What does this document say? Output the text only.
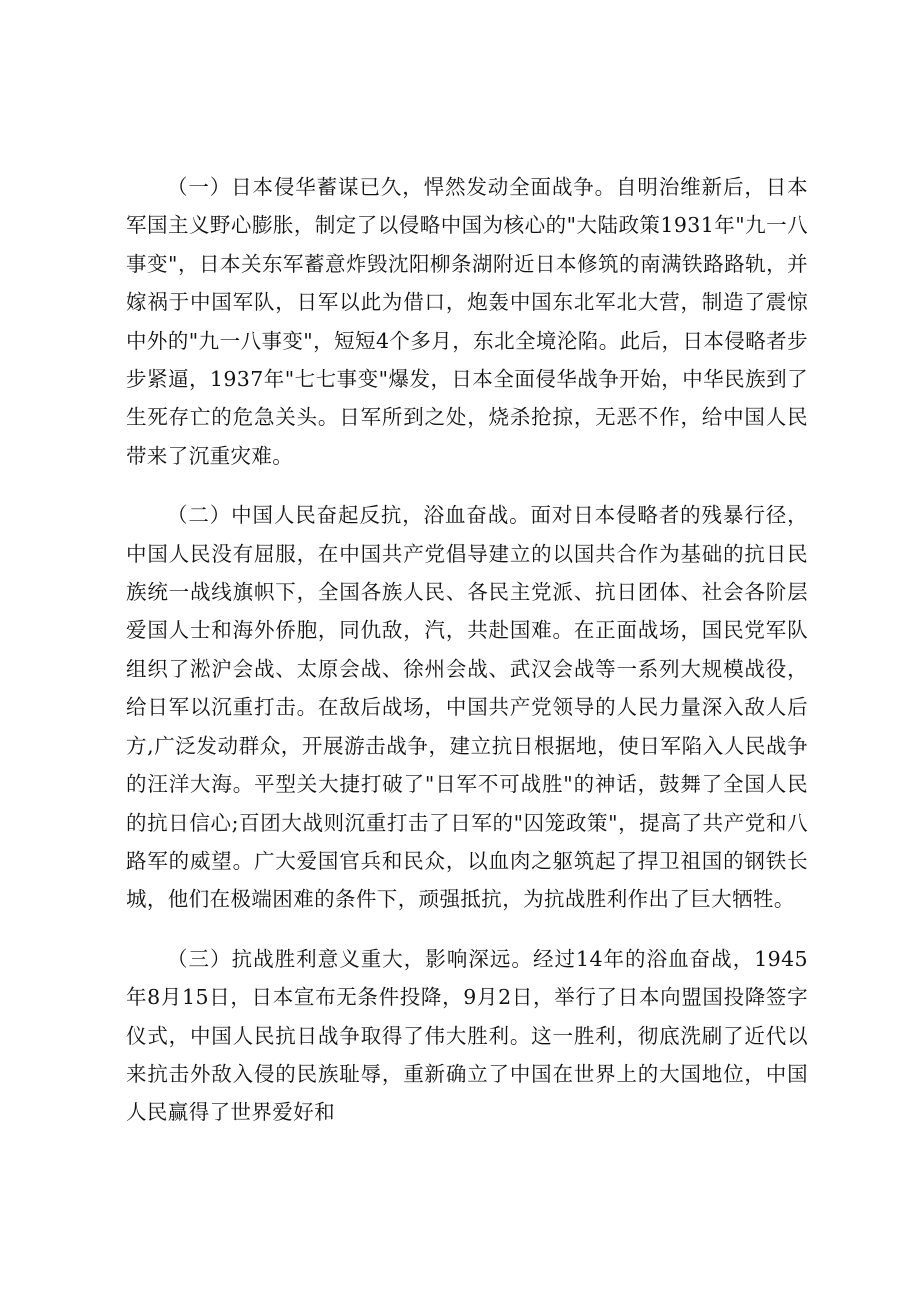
（一）日本侵华蓄谋已久，悍然发动全面战争。自明治维新后，日本军国主义野心膨胀，制定了以侵略中国为核心的"大陆政策1931年"九一八事变"，日本关东军蓄意炸毁沈阳柳条湖附近日本修筑的南满铁路路轨，并嫁祸于中国军队，日军以此为借口，炮轰中国东北军北大营，制造了震惊中外的"九一八事变"，短短4个多月，东北全境沦陷。此后，日本侵略者步步紧逼，1937年"七七事变"爆发，日本全面侵华战争开始，中华民族到了生死存亡的危急关头。日军所到之处，烧杀抢掠，无恶不作，给中国人民带来了沉重灾难。

（二）中国人民奋起反抗，浴血奋战。面对日本侵略者的残暴行径，中国人民没有屈服，在中国共产党倡导建立的以国共合作为基础的抗日民族统一战线旗帜下，全国各族人民、各民主党派、抗日团体、社会各阶层爱国人士和海外侨胞，同仇敌，汽，共赴国难。在正面战场，国民党军队组织了淞沪会战、太原会战、徐州会战、武汉会战等一系列大规模战役，给日军以沉重打击。在敌后战场，中国共产党领导的人民力量深入敌人后方,广泛发动群众，开展游击战争，建立抗日根据地，使日军陷入人民战争的汪洋大海。平型关大捷打破了"日军不可战胜"的神话，鼓舞了全国人民的抗日信心;百团大战则沉重打击了日军的"囚笼政策"，提高了共产党和八路军的威望。广大爱国官兵和民众，以血肉之躯筑起了捍卫祖国的钢铁长城，他们在极端困难的条件下，顽强抵抗，为抗战胜利作出了巨大牺牲。

（三）抗战胜利意义重大，影响深远。经过14年的浴血奋战，1945年8月15日，日本宣布无条件投降，9月2日，举行了日本向盟国投降签字仪式，中国人民抗日战争取得了伟大胜利。这一胜利，彻底洗刷了近代以来抗击外敌入侵的民族耻辱，重新确立了中国在世界上的大国地位，中国人民赢得了世界爱好和
